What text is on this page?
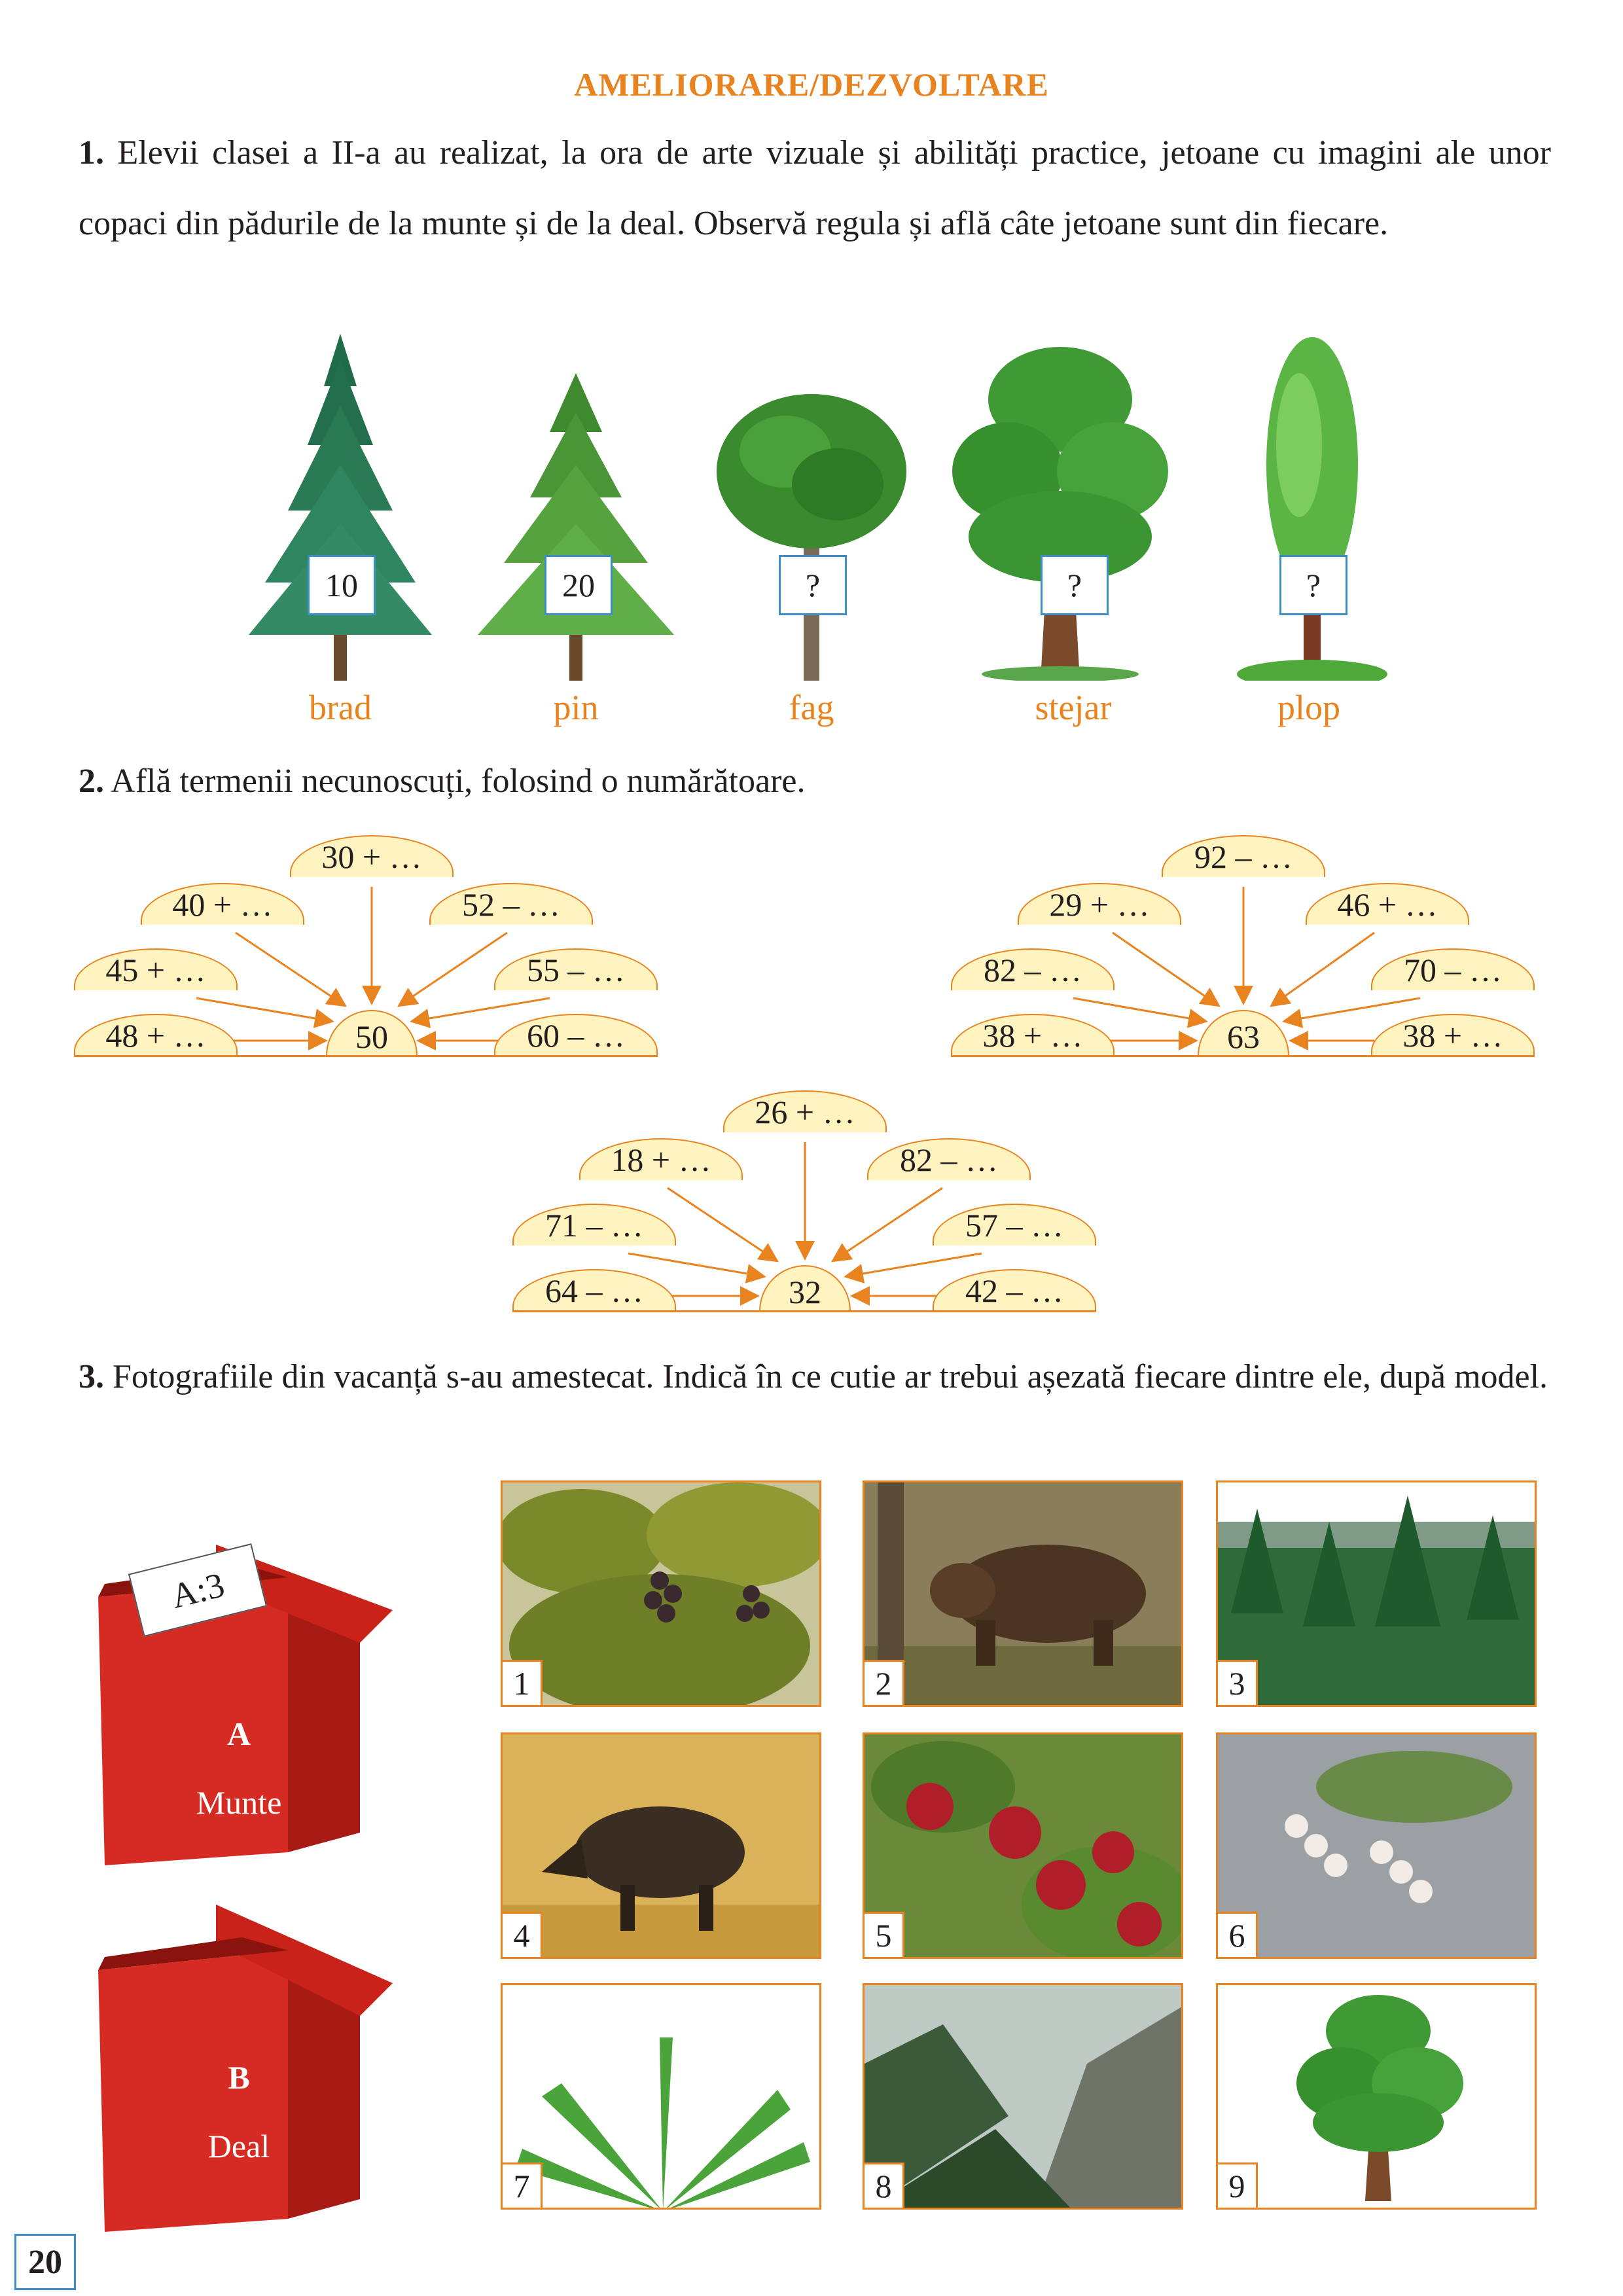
AMELIORARE/DEZVOLTARE
1. Elevii clasei a II-a au realizat, la ora de arte vizuale și abilități practice, jetoane cu imagini ale unor copaci din pădurile de la munte și de la deal. Observă regula și află câte jetoane sunt din fiecare.
10
brad
20
pin
?
fag
?
stejar
?
plop
2. Află termenii necunoscuți, folosind o numărătoare.
30 + …
40 + …	52 – …
45 + …	55 – …
48 + …	60 – …
50
92 – …
29 + …	46 + …
82 – …	70 – …
38 + …	38 + …
63
26 + …
18 + …	82 – …
71 – …	57 – …
64 – …	42 – …
32
3. Fotografiile din vacanță s-au amestecat. Indică în ce cutie ar trebui așezată fiecare dintre ele, după model.
A:3
A
Munte
B
Deal
1	2	3
4	5	6
7	8	9
20
